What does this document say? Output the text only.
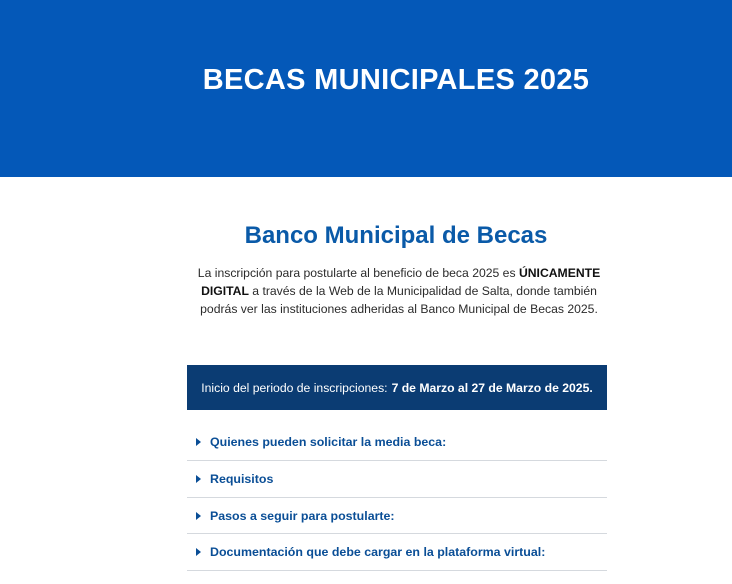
BECAS MUNICIPALES 2025
Banco Municipal de Becas

La inscripción para postularte al beneficio de beca 2025 es ÚNICAMENTE DIGITAL a través de la Web de la Municipalidad de Salta, donde también podrás ver las instituciones adheridas al Banco Municipal de Becas 2025.

Inicio del periodo de inscripciones: 7 de Marzo al 27 de Marzo de 2025.
Quienes pueden solicitar la media beca:
Requisitos
Pasos a seguir para postularte:
Documentación que debe cargar en la plataforma virtual:
